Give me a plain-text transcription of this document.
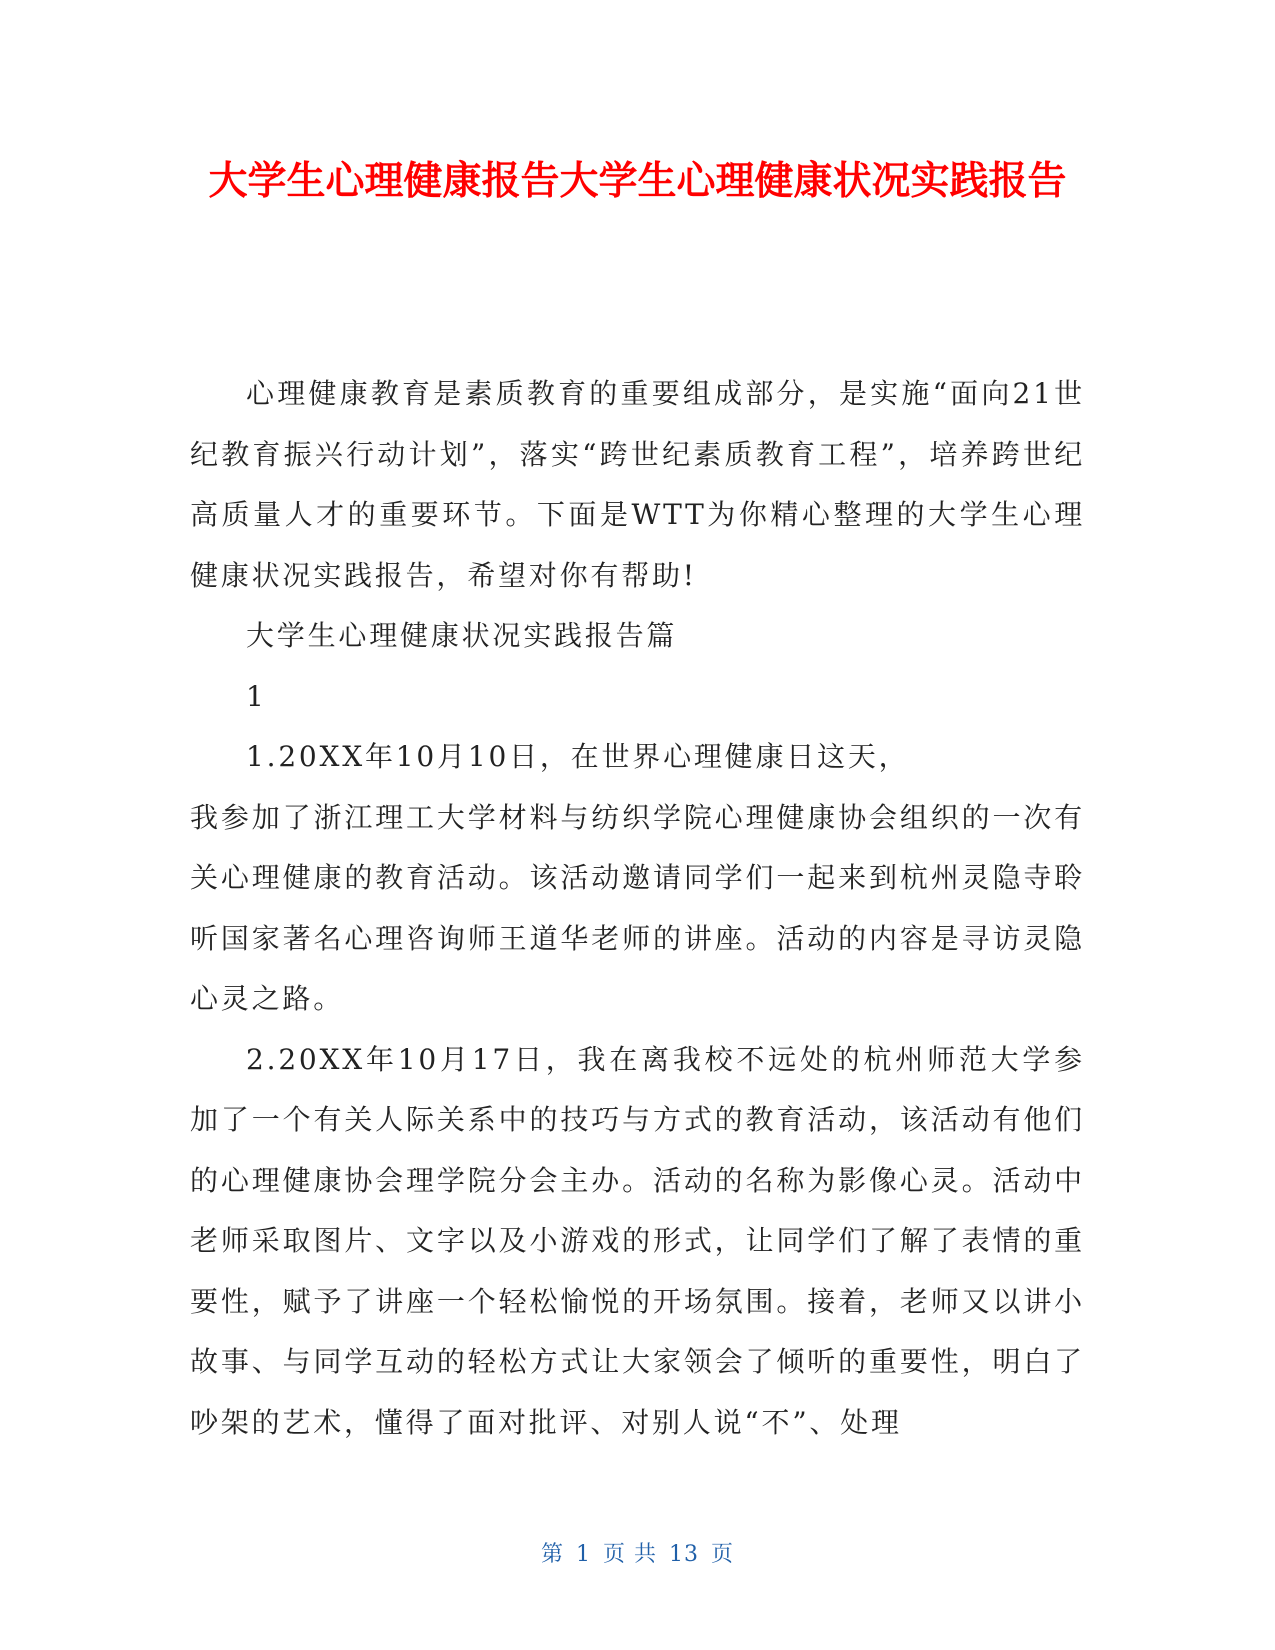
大学生心理健康报告大学生心理健康状况实践报告

心理健康教育是素质教育的重要组成部分，是实施“面向21世纪教育振兴行动计划”，落实“跨世纪素质教育工程”，培养跨世纪高质量人才的重要环节。下面是WTT为你精心整理的大学生心理健康状况实践报告，希望对你有帮助!

大学生心理健康状况实践报告篇

1

1.20XX年10月10日，在世界心理健康日这天，

我参加了浙江理工大学材料与纺织学院心理健康协会组织的一次有关心理健康的教育活动。该活动邀请同学们一起来到杭州灵隐寺聆听国家著名心理咨询师王道华老师的讲座。活动的内容是寻访灵隐心灵之路。

2.20XX年10月17日，我在离我校不远处的杭州师范大学参加了一个有关人际关系中的技巧与方式的教育活动，该活动有他们的心理健康协会理学院分会主办。活动的名称为影像心灵。活动中老师采取图片、文字以及小游戏的形式，让同学们了解了表情的重要性，赋予了讲座一个轻松愉悦的开场氛围。接着，老师又以讲小故事、与同学互动的轻松方式让大家领会了倾听的重要性，明白了吵架的艺术，懂得了面对批评、对别人说“不”、处理

第 1 页 共 13 页
